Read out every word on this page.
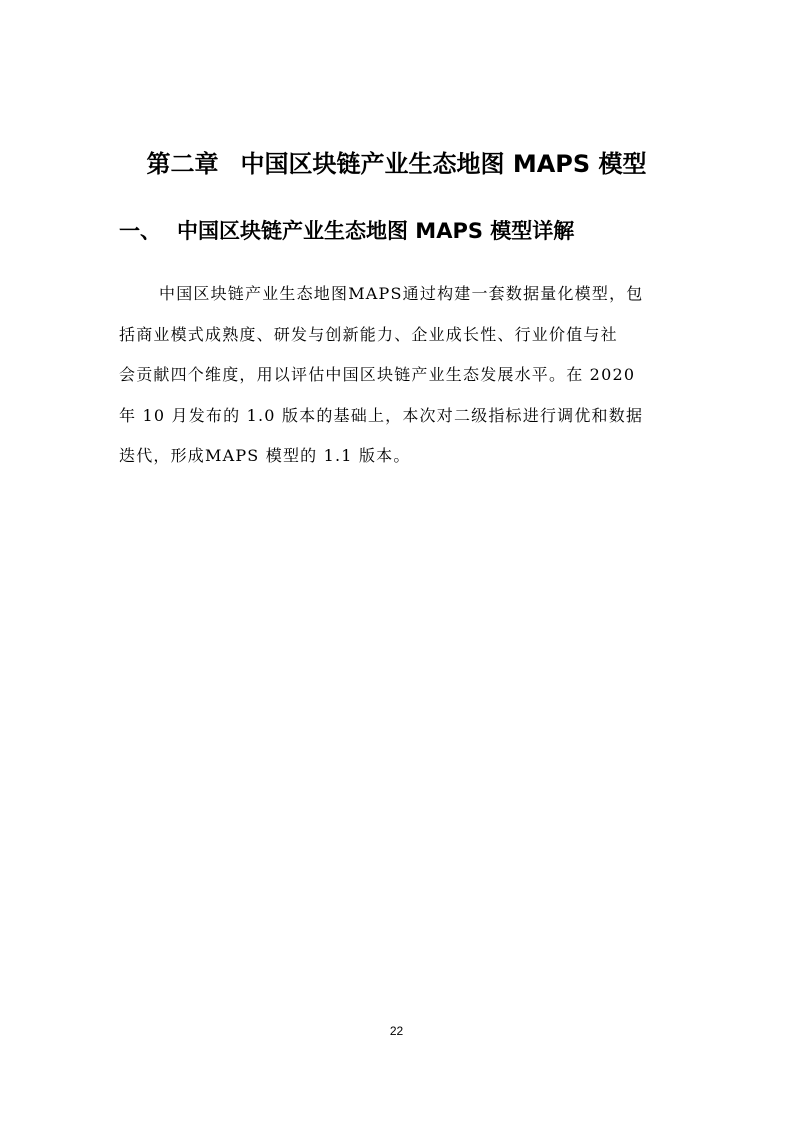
第二章 中国区块链产业生态地图 MAPS 模型
一、 中国区块链产业生态地图 MAPS 模型详解
中国区块链产业生态地图MAPS通过构建一套数据量化模型，包
括商业模式成熟度、研发与创新能力、企业成长性、行业价值与社
会贡献四个维度，用以评估中国区块链产业生态发展水平。在 2020
年 10 月发布的 1.0 版本的基础上，本次对二级指标进行调优和数据
迭代，形成MAPS 模型的 1.1 版本。
22
